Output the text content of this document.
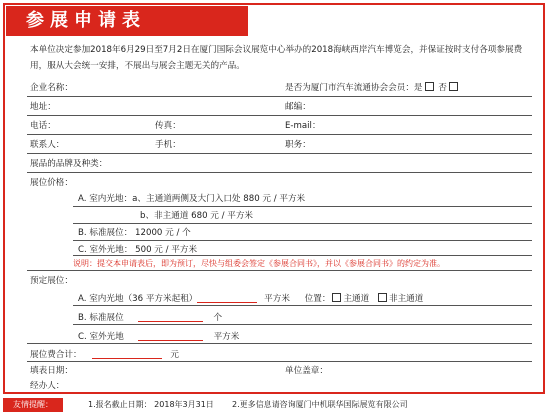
参展申请表
本单位决定参加2018年6月29日至7月2日在厦门国际会议展览中心举办的2018海峡西岸汽车博览会，并保证按时支付各项参展费用，服从大会统一安排，不展出与展会主题无关的产品。
企业名称：	是否为厦门市汽车流通协会会员：是 否
地址：	邮编：
电话：	传真：	E-mail：
联系人：	手机：	职务：
展品的品牌及种类：
展位价格：
A. 室内光地：a、主通道两侧及大门入口处 880 元 / 平方米
b、非主通道 680 元 / 平方米
B. 标准展位： 12000 元 / 个
C. 室外光地： 500 元 / 平方米
说明：提交本申请表后，即为预订，尽快与组委会签定《参展合同书》，并以《参展合同书》的约定为准。
预定展位：
A. 室内光地（36 平方米起租）	平方米 位置： 主通道 非主通道
B. 标准展位	个
C. 室外光地	平方米
展位费合计：	元
填表日期：	单位盖章：
经办人：
友情提醒：	1.报名截止日期： 2018年3月31日 2.更多信息请咨询厦门中机联华国际展览有限公司
